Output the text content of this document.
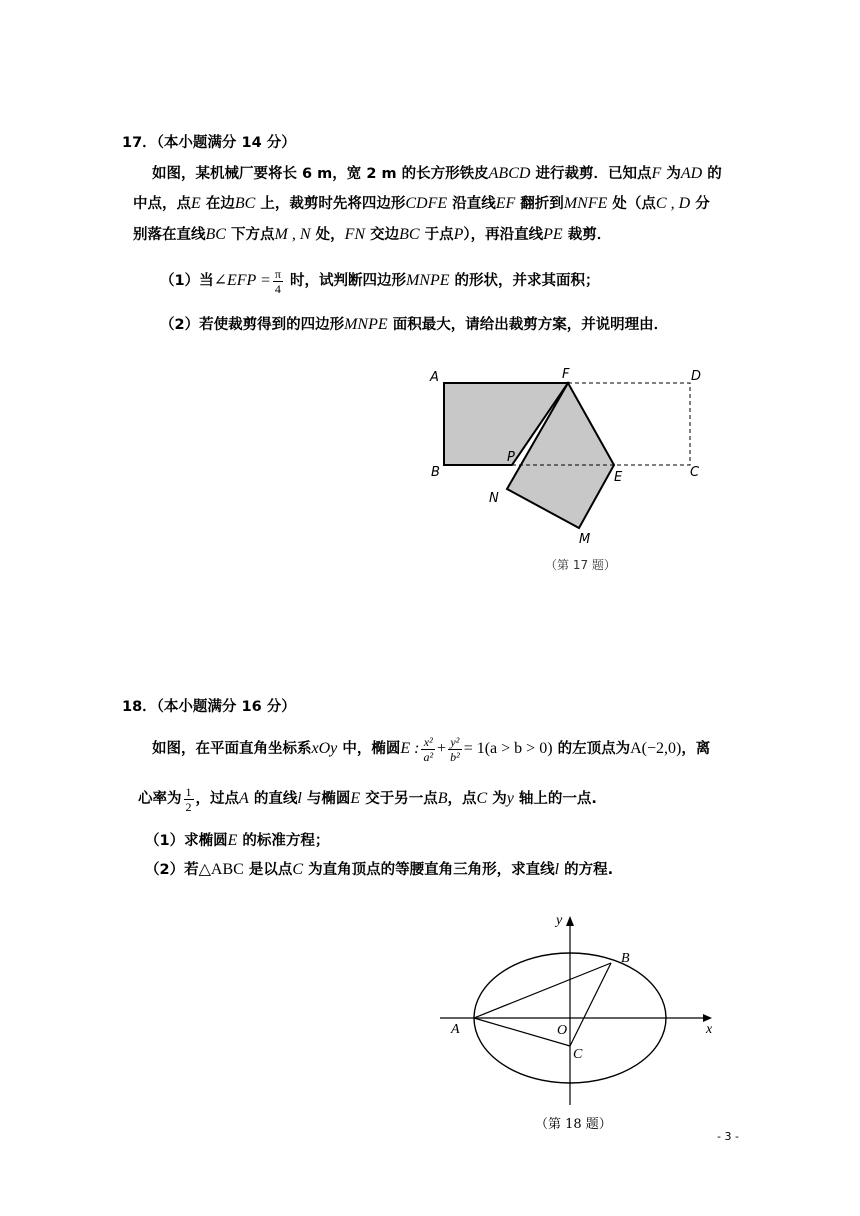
17．（本小题满分 14 分）
如图，某机械厂要将长 6 m，宽 2 m 的长方形铁皮ABCD 进行裁剪．已知点F 为AD 的
中点，点E 在边BC 上，裁剪时先将四边形CDFE 沿直线EF 翻折到MNFE 处（点C , D 分
别落在直线BC 下方点M , N 处，FN 交边BC 于点P），再沿直线PE 裁剪．
（1）当∠EFP = $\frac{\pi}{4}$ 时，试判断四边形MNPE 的形状，并求其面积；
（2）若使裁剪得到的四边形MNPE 面积最大，请给出裁剪方案，并说明理由．
A	F	D
B
P
E	C
N
M
（第 17 题）
18．（本小题满分 16 分）
如图，在平面直角坐标系xOy 中，椭圆E : $\frac{\text{x²}}{\text{a²}} + \frac{\text{y²}}{\text{b²}} = 1(a > b > 0)$ 的左顶点为A(−2,0)，离
心率为 $\frac{1}{2}$ ，过点A 的直线l 与椭圆E 交于另一点B，点C 为y 轴上的一点.
（1）求椭圆E 的标准方程；
（2）若△ABC 是以点C 为直角顶点的等腰直角三角形，求直线l 的方程.
y
x
A
B
O
C
（第 18 题）
- 3 -
